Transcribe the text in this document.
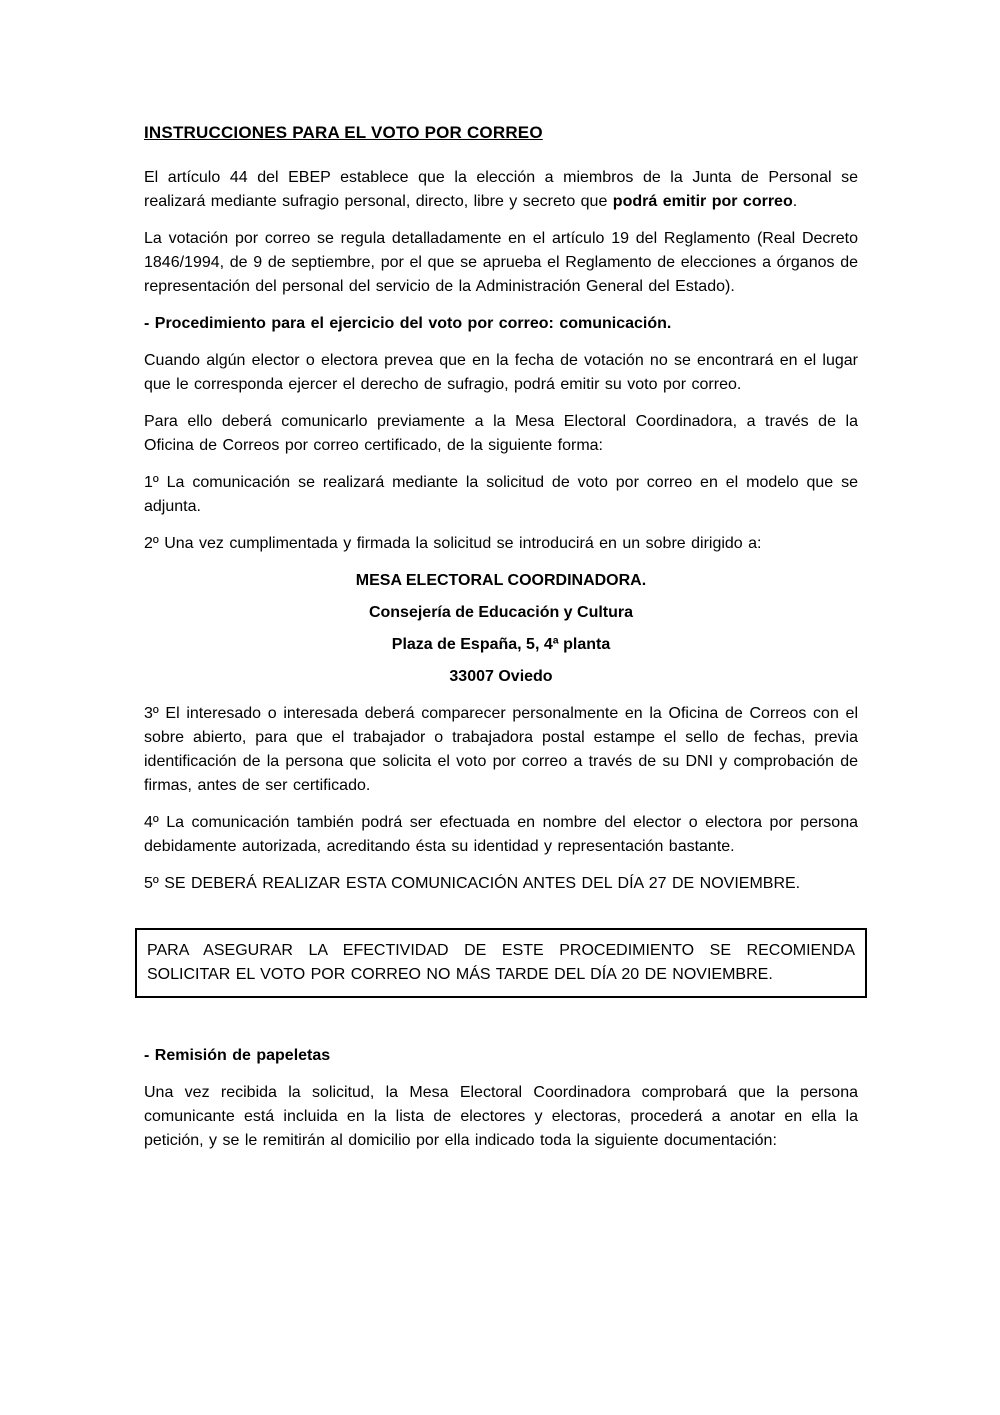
INSTRUCCIONES PARA EL VOTO POR CORREO

El artículo 44 del EBEP establece que la elección a miembros de la Junta de Personal se realizará mediante sufragio personal, directo, libre y secreto que podrá emitir por correo.

La votación por correo se regula detalladamente en el artículo 19 del Reglamento (Real Decreto 1846/1994, de 9 de septiembre, por el que se aprueba el Reglamento de elecciones a órganos de representación del personal del servicio de la Administración General del Estado).

- Procedimiento para el ejercicio del voto por correo: comunicación.

Cuando algún elector o electora prevea que en la fecha de votación no se encontrará en el lugar que le corresponda ejercer el derecho de sufragio, podrá emitir su voto por correo.

Para ello deberá comunicarlo previamente a la Mesa Electoral Coordinadora, a través de la Oficina de Correos por correo certificado, de la siguiente forma:

1º La comunicación se realizará mediante la solicitud de voto por correo en el modelo que se adjunta.

2º Una vez cumplimentada y firmada la solicitud se introducirá en un sobre dirigido a:

MESA ELECTORAL COORDINADORA.

Consejería de Educación y Cultura

Plaza de España, 5, 4ª planta

33007 Oviedo

3º El interesado o interesada deberá comparecer personalmente en la Oficina de Correos con el sobre abierto, para que el trabajador o trabajadora postal estampe el sello de fechas, previa identificación de la persona que solicita el voto por correo a través de su DNI y comprobación de firmas, antes de ser certificado.

4º La comunicación también podrá ser efectuada en nombre del elector o electora por persona debidamente autorizada, acreditando ésta su identidad y representación bastante.

5º SE DEBERÁ REALIZAR ESTA COMUNICACIÓN ANTES DEL DÍA 27 DE NOVIEMBRE.

PARA ASEGURAR LA EFECTIVIDAD DE ESTE PROCEDIMIENTO SE RECOMIENDA SOLICITAR EL VOTO POR CORREO NO MÁS TARDE DEL DÍA 20 DE NOVIEMBRE.

- Remisión de papeletas

Una vez recibida la solicitud, la Mesa Electoral Coordinadora comprobará que la persona comunicante está incluida en la lista de electores y electoras, procederá a anotar en ella la petición, y se le remitirán al domicilio por ella indicado toda la siguiente documentación:
